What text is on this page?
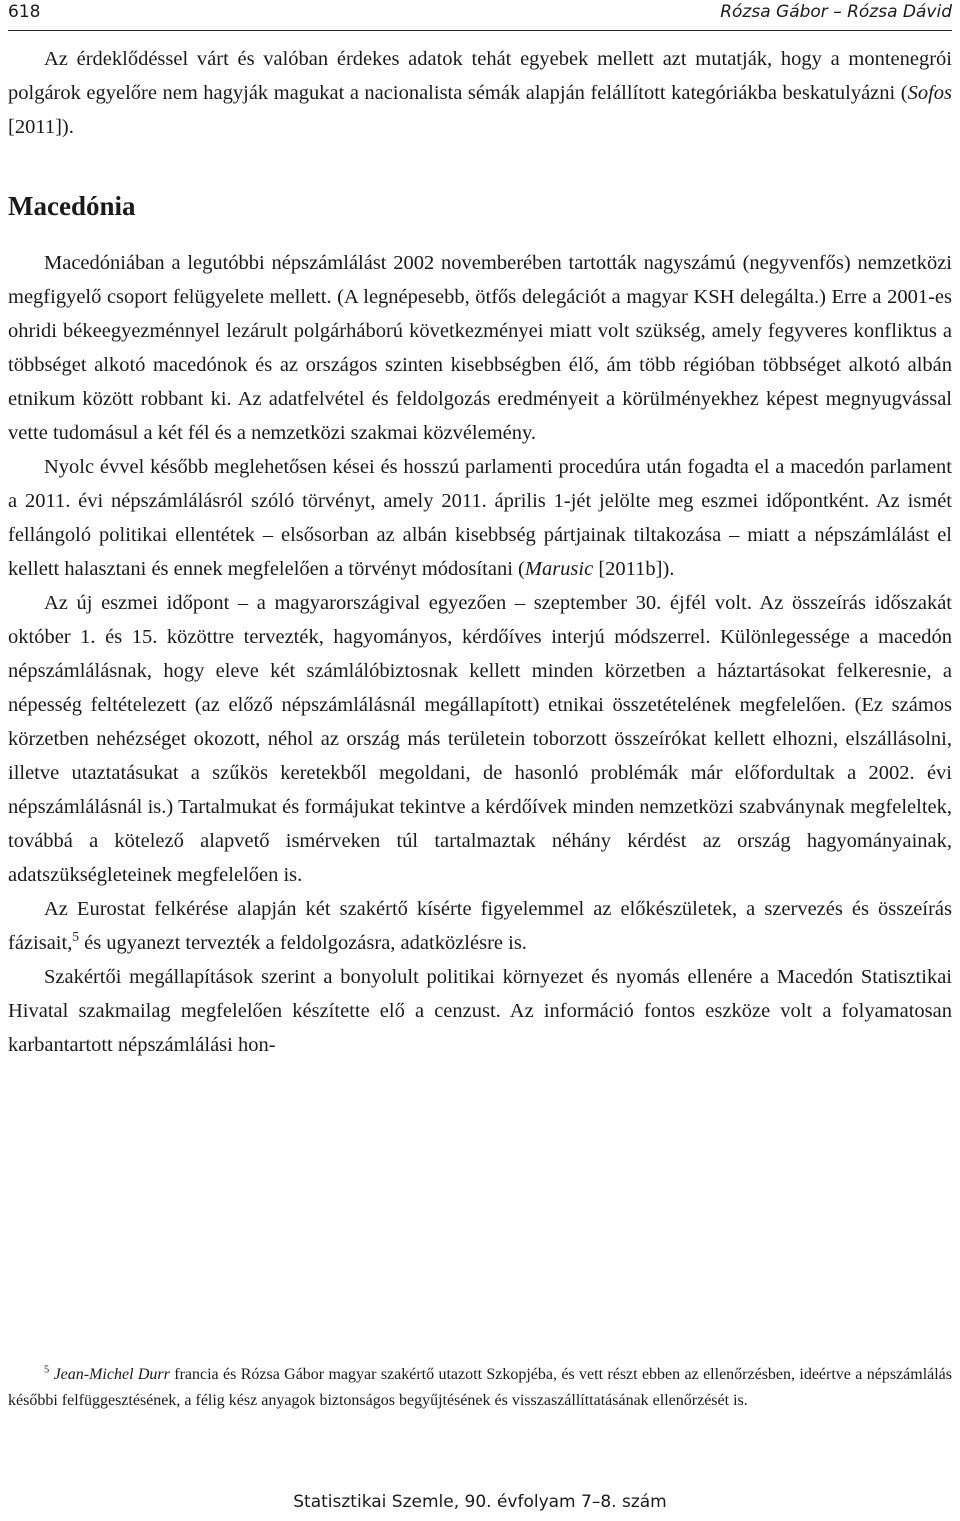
618	Rózsa Gábor – Rózsa Dávid

Az érdeklődéssel várt és valóban érdekes adatok tehát egyebek mellett azt mutatják, hogy a montenegrói polgárok egyelőre nem hagyják magukat a nacionalista sémák alapján felállított kategóriákba beskatulyázni (Sofos [2011]).

Macedónia

Macedóniában a legutóbbi népszámlálást 2002 novemberében tartották nagyszámú (negyvenfős) nemzetközi megfigyelő csoport felügyelete mellett. (A legnépesebb, ötfős delegációt a magyar KSH delegálta.) Erre a 2001-es ohridi békeegyezménnyel lezárult polgárháború következményei miatt volt szükség, amely fegyveres konfliktus a többséget alkotó macedónok és az országos szinten kisebbségben élő, ám több régióban többséget alkotó albán etnikum között robbant ki. Az adatfelvétel és feldolgozás eredményeit a körülményekhez képest megnyugvással vette tudomásul a két fél és a nemzetközi szakmai közvélemény.

Nyolc évvel később meglehetősen kései és hosszú parlamenti procedúra után fogadta el a macedón parlament a 2011. évi népszámlálásról szóló törvényt, amely 2011. április 1-jét jelölte meg eszmei időpontként. Az ismét fellángoló politikai ellentétek – elsősorban az albán kisebbség pártjainak tiltakozása – miatt a népszámlálást el kellett halasztani és ennek megfelelően a törvényt módosítani (Marusic [2011b]).

Az új eszmei időpont – a magyarországival egyezően – szeptember 30. éjfél volt. Az összeírás időszakát október 1. és 15. közöttre tervezték, hagyományos, kérdőíves interjú módszerrel. Különlegessége a macedón népszámlálásnak, hogy eleve két számlálóbiztosnak kellett minden körzetben a háztartásokat felkeresnie, a népesség feltételezett (az előző népszámlálásnál megállapított) etnikai összetételének megfelelően. (Ez számos körzetben nehézséget okozott, néhol az ország más területein toborzott összeírókat kellett elhozni, elszállásolni, illetve utaztatásukat a szűkös keretekből megoldani, de hasonló problémák már előfordultak a 2002. évi népszámlálásnál is.) Tartalmukat és formájukat tekintve a kérdőívek minden nemzetközi szabványnak megfeleltek, továbbá a kötelező alapvető ismérveken túl tartalmaztak néhány kérdést az ország hagyományainak, adatszükségleteinek megfelelően is.

Az Eurostat felkérése alapján két szakértő kísérte figyelemmel az előkészületek, a szervezés és összeírás fázisait,$^5$ és ugyanezt tervezték a feldolgozásra, adatközlésre is.

Szakértői megállapítások szerint a bonyolult politikai környezet és nyomás ellenére a Macedón Statisztikai Hivatal szakmailag megfelelően készítette elő a cenzust. Az információ fontos eszköze volt a folyamatosan karbantartott népszámlálási hon-

$^5$ Jean-Michel Durr francia és Rózsa Gábor magyar szakértő utazott Szkopjéba, és vett részt ebben az ellenőrzésben, ideértve a népszámlálás későbbi felfüggesztésének, a félig kész anyagok biztonságos begyűjtésének és visszaszállíttatásának ellenőrzését is.

Statisztikai Szemle, 90. évfolyam 7–8. szám
